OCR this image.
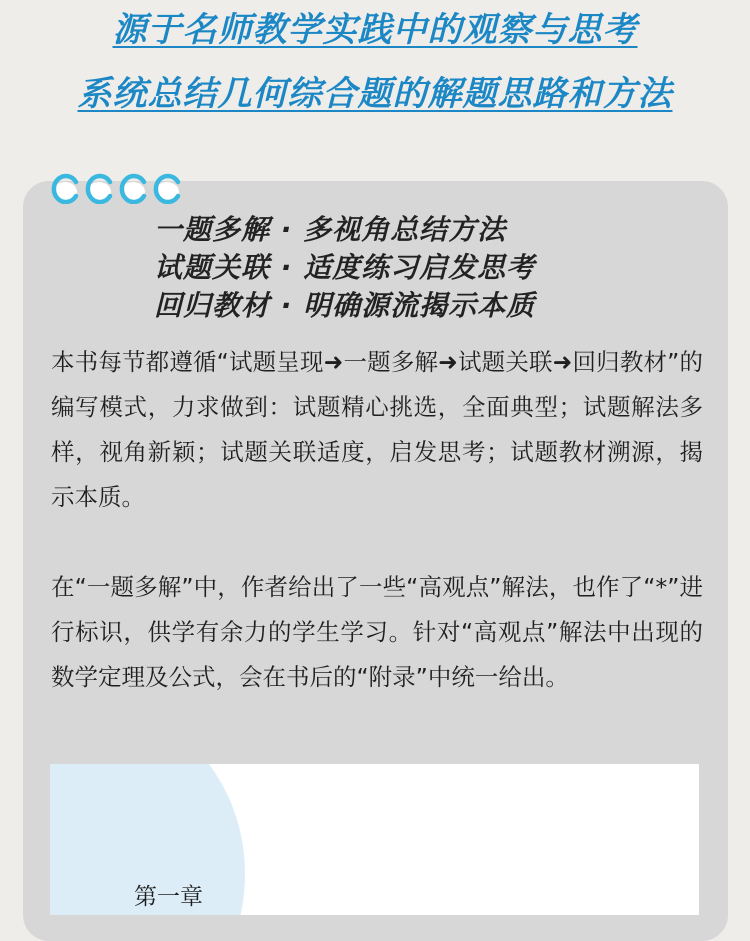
源于名师教学实践中的观察与思考
系统总结几何综合题的解题思路和方法

一题多解 · 多视角总结方法

试题关联 · 适度练习启发思考

回归教材 · 明确源流揭示本质

本书每节都遵循“试题呈现➜一题多解➜试题关联➜回归教材”的编写模式，力求做到：试题精心挑选，全面典型；试题解法多样，视角新颖；试题关联适度，启发思考；试题教材溯源，揭示本质。

在“一题多解”中，作者给出了一些“高观点”解法，也作了“*”进行标识，供学有余力的学生学习。针对“高观点”解法中出现的数学定理及公式，会在书后的“附录”中统一给出。

第一章
